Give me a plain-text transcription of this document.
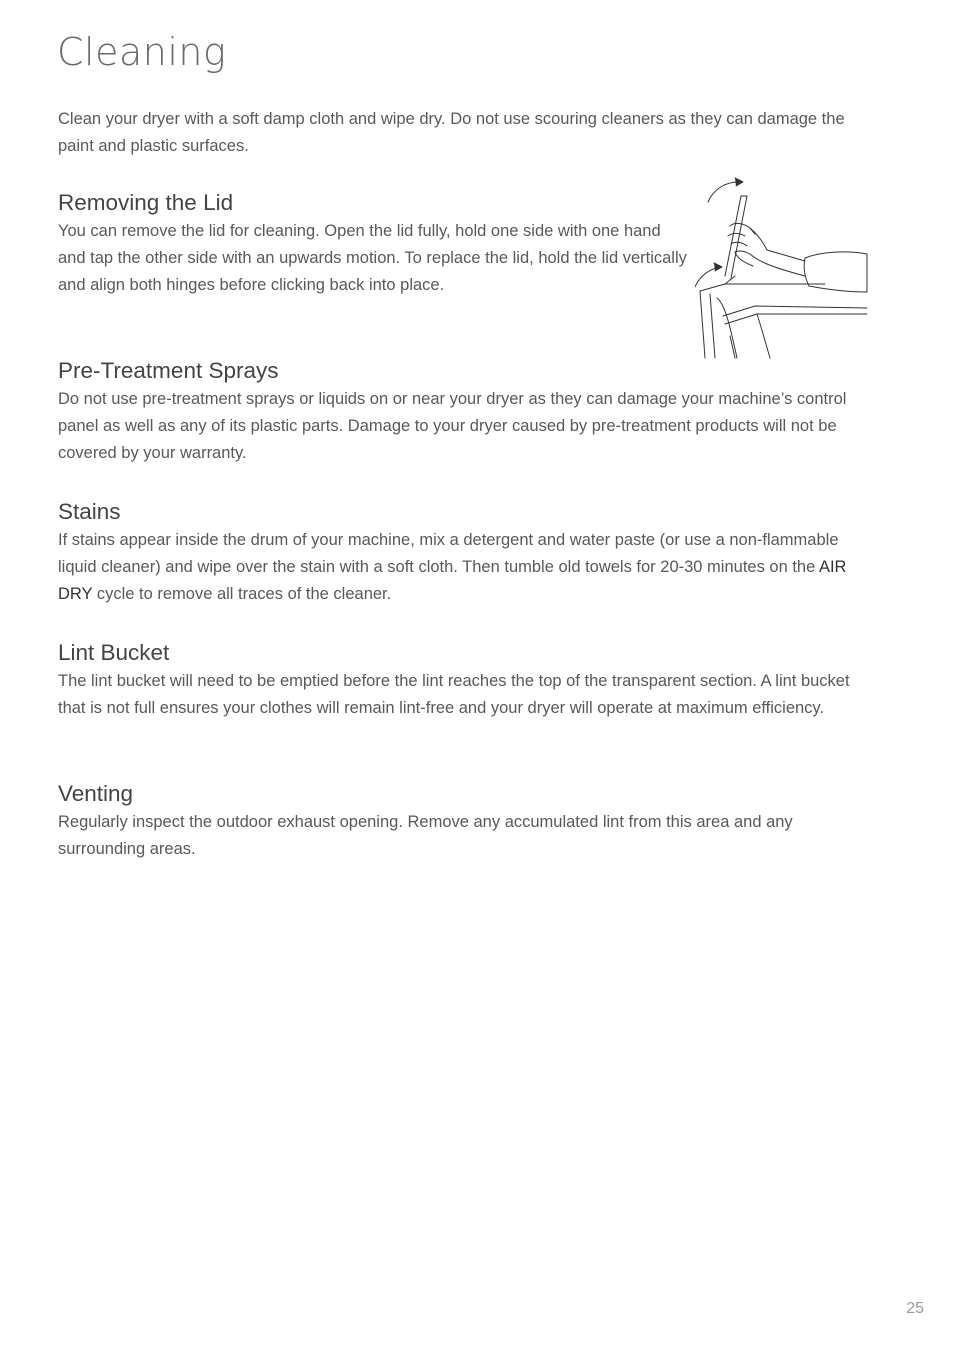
Cleaning

Clean your dryer with a soft damp cloth and wipe dry. Do not use scouring cleaners as they can damage the paint and plastic surfaces.

Removing the Lid

You can remove the lid for cleaning. Open the lid fully, hold one side with one hand and tap the other side with an upwards motion. To replace the lid, hold the lid vertically and align both hinges before clicking back into place.

Pre-Treatment Sprays

Do not use pre-treatment sprays or liquids on or near your dryer as they can damage your machine’s control panel as well as any of its plastic parts. Damage to your dryer caused by pre-treatment products will not be covered by your warranty.

Stains

If stains appear inside the drum of your machine, mix a detergent and water paste (or use a non-flammable liquid cleaner) and wipe over the stain with a soft cloth. Then tumble old towels for 20-30 minutes on the AIR DRY cycle to remove all traces of the cleaner.

Lint Bucket

The lint bucket will need to be emptied before the lint reaches the top of the transparent section. A lint bucket that is not full ensures your clothes will remain lint-free and your dryer will operate at maximum efficiency.

Venting

Regularly inspect the outdoor exhaust opening. Remove any accumulated lint from this area and any surrounding areas.

25
